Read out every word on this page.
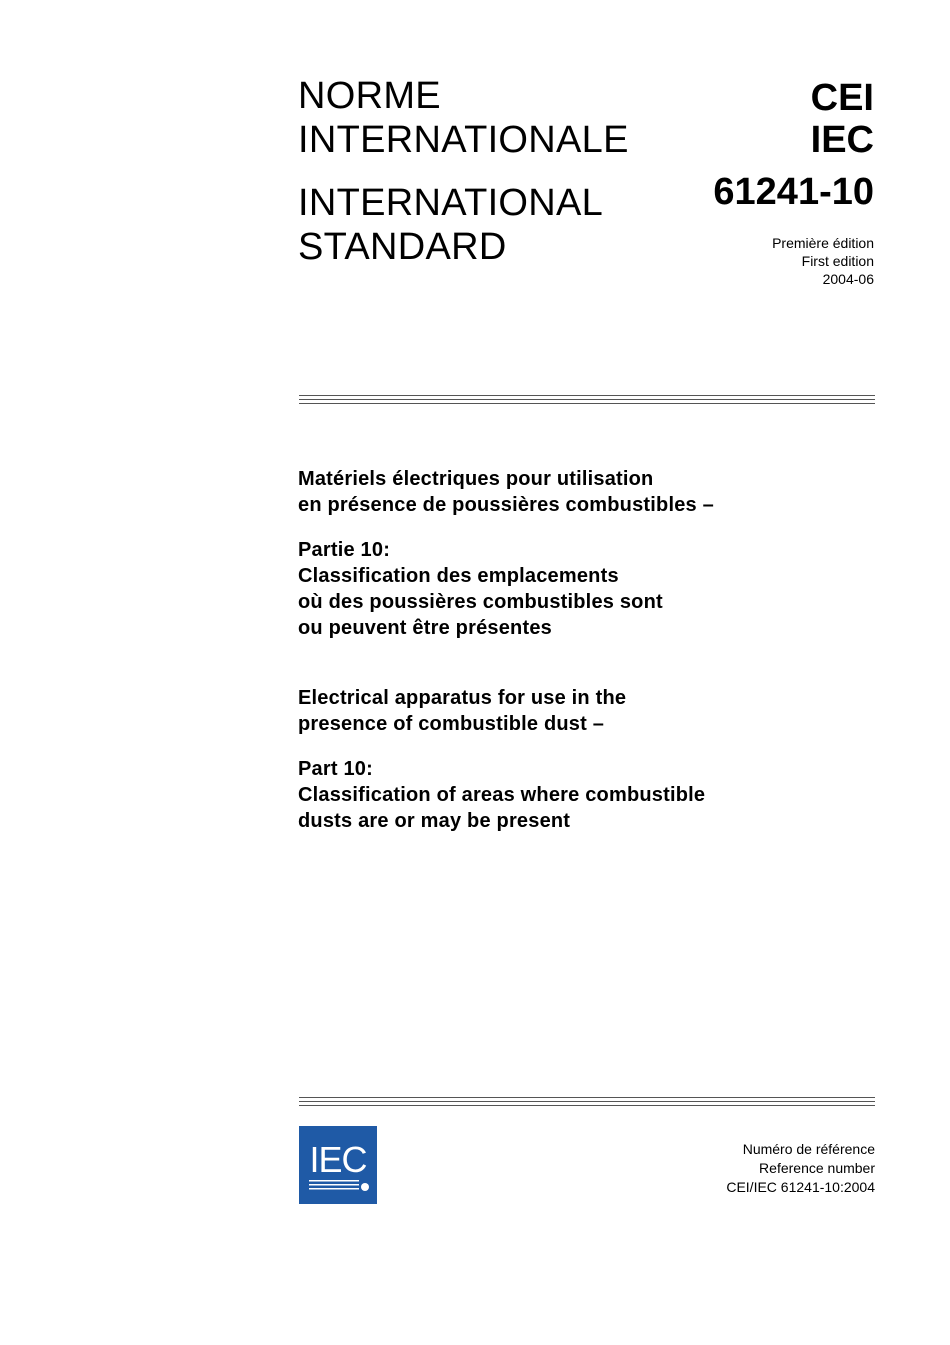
NORME
INTERNATIONALE
INTERNATIONAL
STANDARD
CEI
IEC
61241-10
Première édition
First edition
2004-06
Matériels électriques pour utilisation
en présence de poussières combustibles –
Partie 10:
Classification des emplacements
où des poussières combustibles sont
ou peuvent être présentes
Electrical apparatus for use in the
presence of combustible dust –
Part 10:
Classification of areas where combustible
dusts are or may be present
IEC	Numéro de référence
Reference number
CEI/IEC 61241-10:2004
